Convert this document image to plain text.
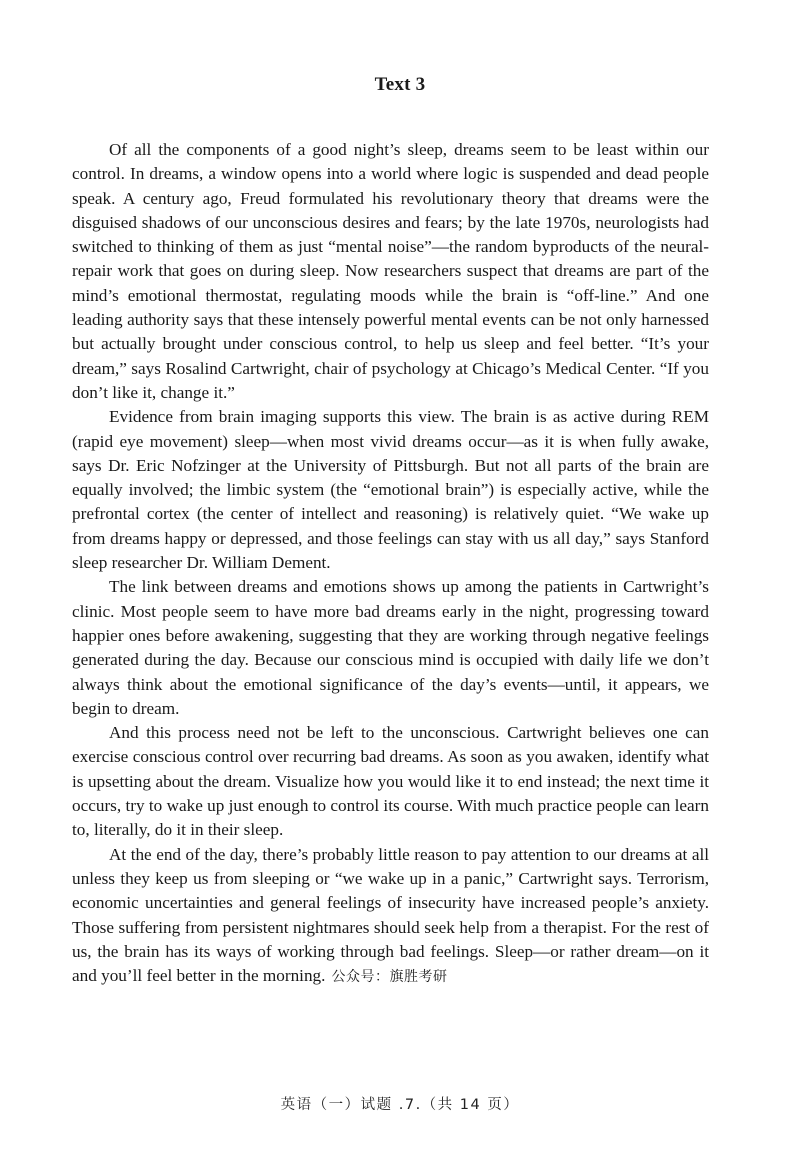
Text 3

Of all the components of a good night’s sleep, dreams seem to be least within our control. In dreams, a window opens into a world where logic is suspended and dead people speak. A century ago, Freud formulated his revolutionary theory that dreams were the disguised shadows of our unconscious desires and fears; by the late 1970s, neurologists had switched to thinking of them as just “mental noise”—the random byproducts of the neural-repair work that goes on during sleep. Now researchers suspect that dreams are part of the mind’s emotional thermostat, regulating moods while the brain is “off-line.” And one leading authority says that these intensely powerful mental events can be not only harnessed but actually brought under conscious control, to help us sleep and feel better. “It’s your dream,” says Rosalind Cartwright, chair of psychology at Chicago’s Medical Center. “If you don’t like it, change it.”

Evidence from brain imaging supports this view. The brain is as active during REM (rapid eye movement) sleep—when most vivid dreams occur—as it is when fully awake, says Dr. Eric Nofzinger at the University of Pittsburgh. But not all parts of the brain are equally involved; the limbic system (the “emotional brain”) is especially active, while the prefrontal cortex (the center of intellect and reasoning) is relatively quiet. “We wake up from dreams happy or depressed, and those feelings can stay with us all day,” says Stanford sleep researcher Dr. William Dement.

The link between dreams and emotions shows up among the patients in Cartwright’s clinic. Most people seem to have more bad dreams early in the night, progressing toward happier ones before awakening, suggesting that they are working through negative feelings generated during the day. Because our conscious mind is occupied with daily life we don’t always think about the emotional significance of the day’s events—until, it appears, we begin to dream.

And this process need not be left to the unconscious. Cartwright believes one can exercise conscious control over recurring bad dreams. As soon as you awaken, identify what is upsetting about the dream. Visualize how you would like it to end instead; the next time it occurs, try to wake up just enough to control its course. With much practice people can learn to, literally, do it in their sleep.

At the end of the day, there’s probably little reason to pay attention to our dreams at all unless they keep us from sleeping or “we wake up in a panic,” Cartwright says. Terrorism, economic uncertainties and general feelings of insecurity have increased people’s anxiety. Those suffering from persistent nightmares should seek help from a therapist. For the rest of us, the brain has its ways of working through bad feelings. Sleep—or rather dream—on it and you’ll feel better in the morning. 公众号：旗胜考研

英语（一）试题 .7.（共 14 页）
